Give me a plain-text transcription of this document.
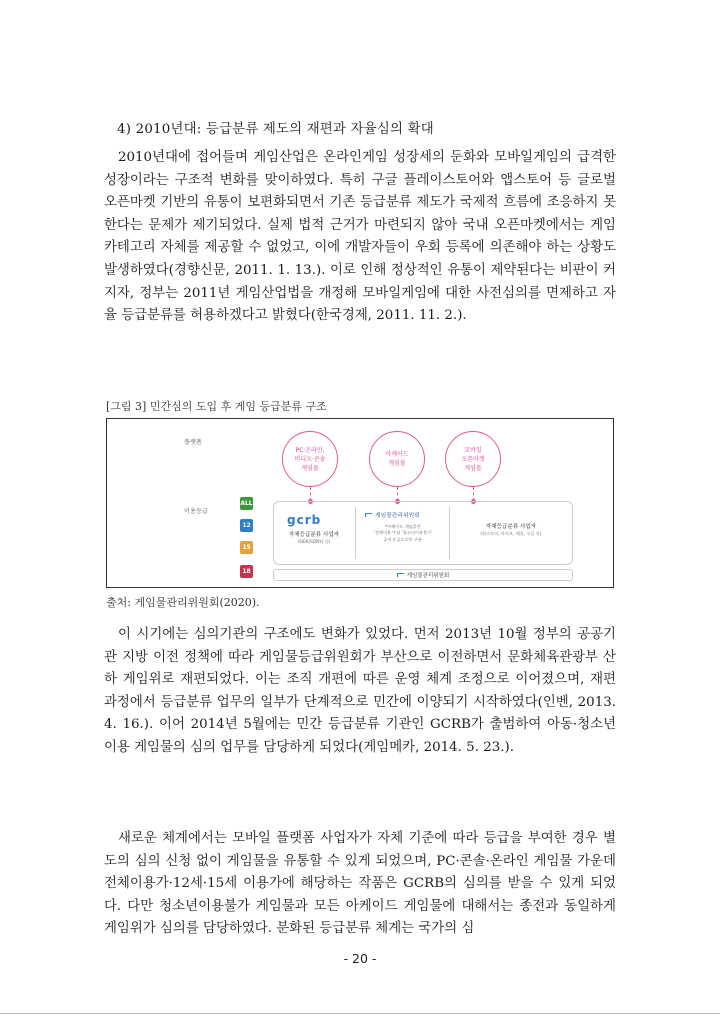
4) 2010년대: 등급분류 제도의 재편과 자율심의 확대

2010년대에 접어들며 게임산업은 온라인게임 성장세의 둔화와 모바일게임의 급격한 성장이라는 구조적 변화를 맞이하였다. 특히 구글 플레이스토어와 앱스토어 등 글로벌 오픈마켓 기반의 유통이 보편화되면서 기존 등급분류 제도가 국제적 흐름에 조응하지 못한다는 문제가 제기되었다. 실제 법적 근거가 마련되지 않아 국내 오픈마켓에서는 게임 카테고리 자체를 제공할 수 없었고, 이에 개발자들이 우회 등록에 의존해야 하는 상황도 발생하였다(경향신문, 2011. 1. 13.). 이로 인해 정상적인 유통이 제약된다는 비판이 커지자, 정부는 2011년 게임산업법을 개정해 모바일게임에 대한 사전심의를 면제하고 자율 등급분류를 허용하겠다고 밝혔다(한국경제, 2011. 11. 2.).

[그림 3] 민간심의 도입 후 게임 등급분류 구조
플랫폼
이용등급
PC·온라인,
비디오·콘솔
게임물
아케이드
게임물
모바일
오픈마켓
게임물
ALL
12
15
18
gcrb
자체등급분류 사업자
(SIEK(SONY) 등)
게임물관리위원회
*아케이드 게임물은
'전체이용가'와 '청소년이용불가'
2개 등급으로만 구분
자체등급분류 사업자
(원스토어, 카카오, 애플, 구글 등)
게임물관리위원회
출처: 게임물관리위원회(2020).

이 시기에는 심의기관의 구조에도 변화가 있었다. 먼저 2013년 10월 정부의 공공기관 지방 이전 정책에 따라 게임물등급위원회가 부산으로 이전하면서 문화체육관광부 산하 게임위로 재편되었다. 이는 조직 개편에 따른 운영 체계 조정으로 이어졌으며, 재편 과정에서 등급분류 업무의 일부가 단계적으로 민간에 이양되기 시작하였다(인벤, 2013. 4. 16.). 이어 2014년 5월에는 민간 등급분류 기관인 GCRB가 출범하여 아동·청소년 이용 게임물의 심의 업무를 담당하게 되었다(게임메카, 2014. 5. 23.).

새로운 체계에서는 모바일 플랫폼 사업자가 자체 기준에 따라 등급을 부여한 경우 별도의 심의 신청 없이 게임물을 유통할 수 있게 되었으며, PC·콘솔·온라인 게임물 가운데 전체이용가·12세·15세 이용가에 해당하는 작품은 GCRB의 심의를 받을 수 있게 되었다. 다만 청소년이용불가 게임물과 모든 아케이드 게임물에 대해서는 종전과 동일하게 게임위가 심의를 담당하였다. 분화된 등급분류 체계는 국가의 심

- 20 -
